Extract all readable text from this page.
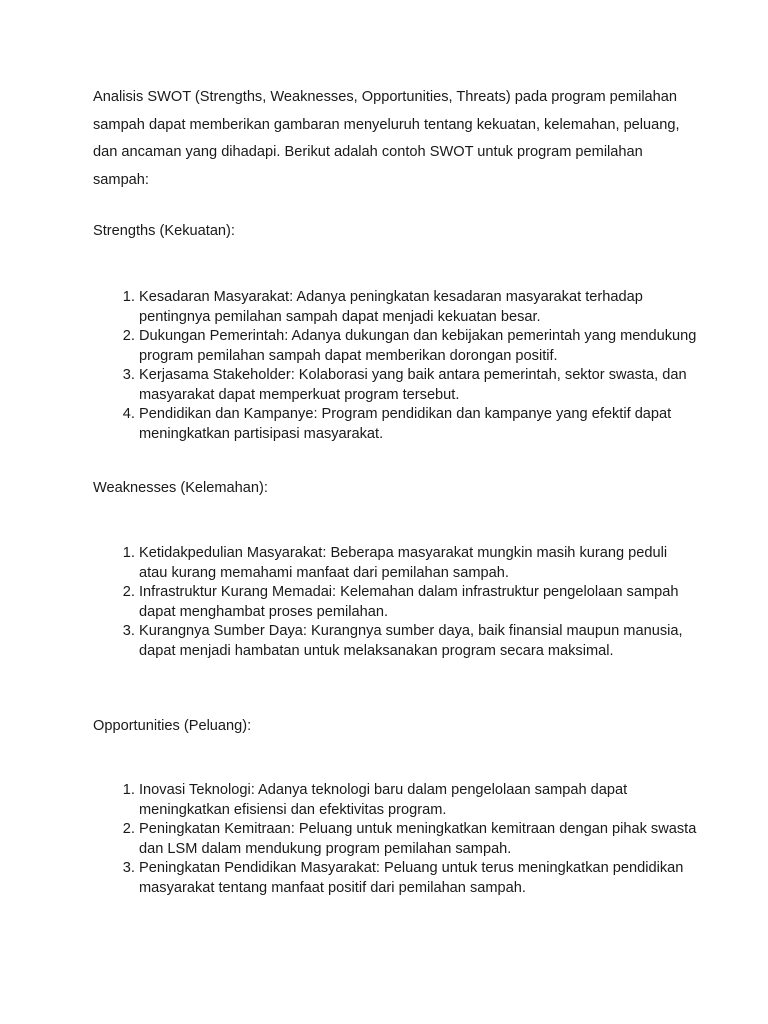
Analisis SWOT (Strengths, Weaknesses, Opportunities, Threats) pada program pemilahan sampah dapat memberikan gambaran menyeluruh tentang kekuatan, kelemahan, peluang, dan ancaman yang dihadapi. Berikut adalah contoh SWOT untuk program pemilahan sampah:

Strengths (Kekuatan):

1. Kesadaran Masyarakat: Adanya peningkatan kesadaran masyarakat terhadap pentingnya pemilahan sampah dapat menjadi kekuatan besar.
2. Dukungan Pemerintah: Adanya dukungan dan kebijakan pemerintah yang mendukung program pemilahan sampah dapat memberikan dorongan positif.
3. Kerjasama Stakeholder: Kolaborasi yang baik antara pemerintah, sektor swasta, dan masyarakat dapat memperkuat program tersebut.
4. Pendidikan dan Kampanye: Program pendidikan dan kampanye yang efektif dapat meningkatkan partisipasi masyarakat.

Weaknesses (Kelemahan):

1. Ketidakpedulian Masyarakat: Beberapa masyarakat mungkin masih kurang peduli atau kurang memahami manfaat dari pemilahan sampah.
2. Infrastruktur Kurang Memadai: Kelemahan dalam infrastruktur pengelolaan sampah dapat menghambat proses pemilahan.
3. Kurangnya Sumber Daya: Kurangnya sumber daya, baik finansial maupun manusia, dapat menjadi hambatan untuk melaksanakan program secara maksimal.

Opportunities (Peluang):

1. Inovasi Teknologi: Adanya teknologi baru dalam pengelolaan sampah dapat meningkatkan efisiensi dan efektivitas program.
2. Peningkatan Kemitraan: Peluang untuk meningkatkan kemitraan dengan pihak swasta dan LSM dalam mendukung program pemilahan sampah.
3. Peningkatan Pendidikan Masyarakat: Peluang untuk terus meningkatkan pendidikan masyarakat tentang manfaat positif dari pemilahan sampah.
